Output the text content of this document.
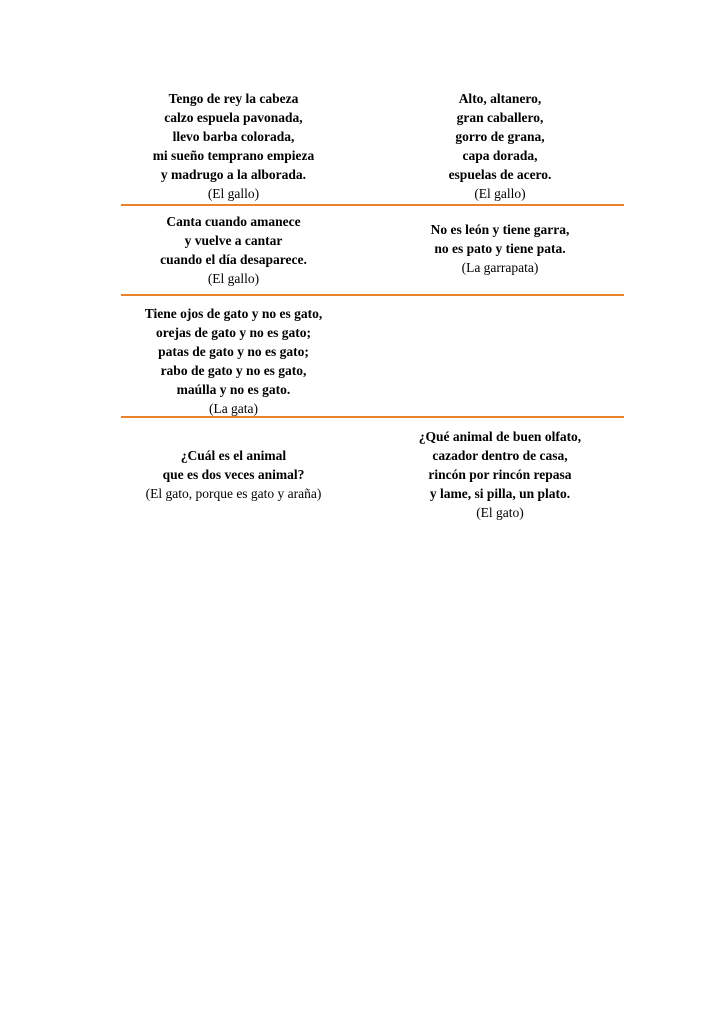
Tengo de rey la cabeza
calzo espuela pavonada,
llevo barba colorada,
mi sueño temprano empieza
y madrugo a la alborada.
(El gallo)
Alto, altanero,
gran caballero,
gorro de grana,
capa dorada,
espuelas de acero.
(El gallo)
Canta cuando amanece
y vuelve a cantar
cuando el día desaparece.
(El gallo)
No es león y tiene garra,
no es pato y tiene pata.
(La garrapata)
Tiene ojos de gato y no es gato,
orejas de gato y no es gato;
patas de gato y no es gato;
rabo de gato y no es gato,
maúlla y no es gato.
(La gata)
¿Cuál es el animal
que es dos veces animal?
(El gato, porque es gato y araña)
¿Qué animal de buen olfato,
cazador dentro de casa,
rincón por rincón repasa
y lame, si pilla, un plato.
(El gato)
